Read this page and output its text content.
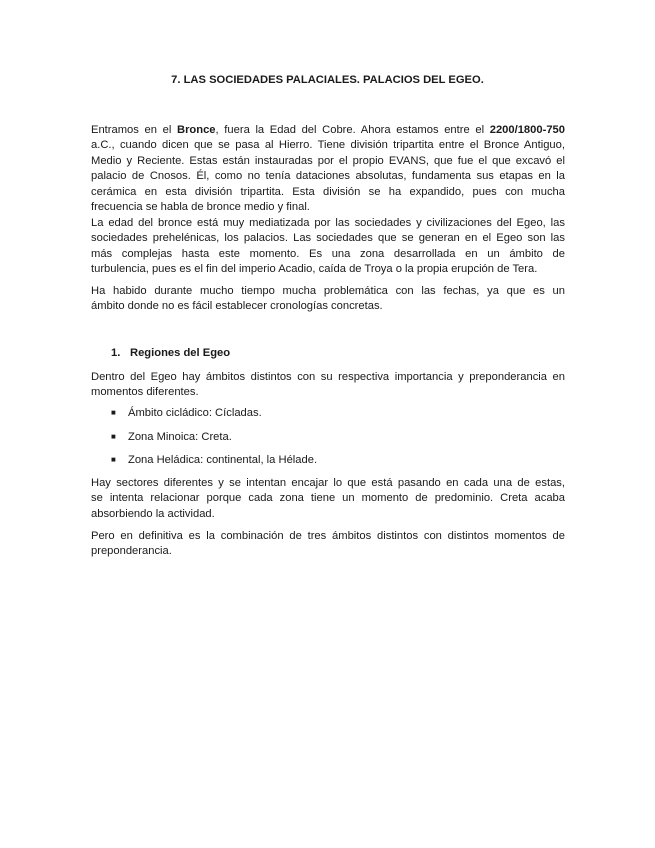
7. LAS SOCIEDADES PALACIALES. PALACIOS DEL EGEO.
Entramos en el Bronce, fuera la Edad del Cobre. Ahora estamos entre el 2200/1800-750
a.C., cuando dicen que se pasa al Hierro. Tiene división tripartita entre el Bronce Antiguo,
Medio y Reciente. Estas están instauradas por el propio EVANS, que fue el que excavó el
palacio de Cnosos. Él, como no tenía dataciones absolutas, fundamenta sus etapas en la
cerámica en esta división tripartita. Esta división se ha expandido, pues con mucha
frecuencia se habla de bronce medio y final.
La edad del bronce está muy mediatizada por las sociedades y civilizaciones del Egeo, las
sociedades prehelénicas, los palacios. Las sociedades que se generan en el Egeo son las
más complejas hasta este momento. Es una zona desarrollada en un ámbito de
turbulencia, pues es el fin del imperio Acadio, caída de Troya o la propia erupción de Tera.
Ha habido durante mucho tiempo mucha problemática con las fechas, ya que es un
ámbito donde no es fácil establecer cronologías concretas.
1. Regiones del Egeo
Dentro del Egeo hay ámbitos distintos con su respectiva importancia y preponderancia en
momentos diferentes.
■ Ámbito cicládico: Cícladas.
■ Zona Minoica: Creta.
■ Zona Heládica: continental, la Hélade.
Hay sectores diferentes y se intentan encajar lo que está pasando en cada una de estas,
se intenta relacionar porque cada zona tiene un momento de predominio. Creta acaba
absorbiendo la actividad.
Pero en definitiva es la combinación de tres ámbitos distintos con distintos momentos de
preponderancia.
